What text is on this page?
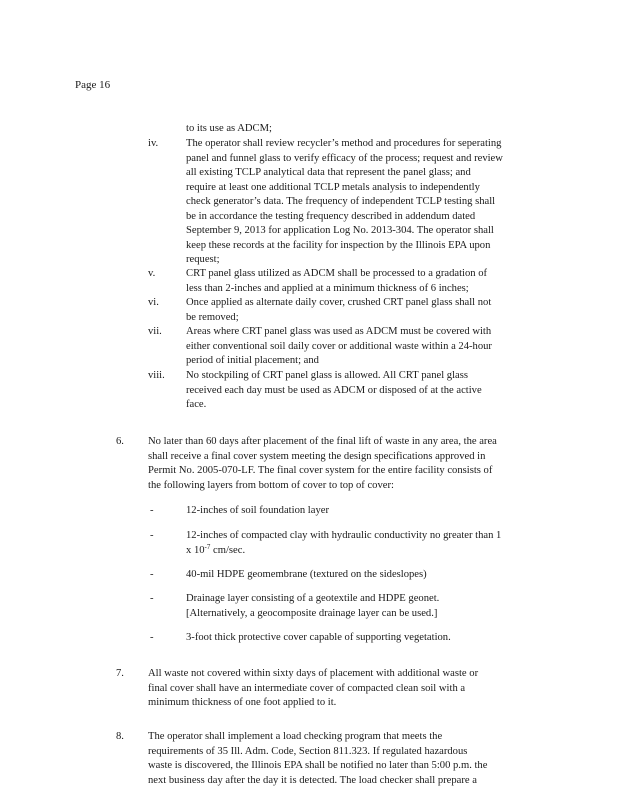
Page 16
to its use as ADCM;
iv.	The operator shall review recycler’s method and procedures for seperating
panel and funnel glass to verify efficacy of the process; request and review
all existing TCLP analytical data that represent the panel glass; and
require at least one additional TCLP metals analysis to independently
check generator’s data. The frequency of independent TCLP testing shall
be in accordance the testing frequency described in addendum dated
September 9, 2013 for application Log No. 2013-304. The operator shall
keep these records at the facility for inspection by the Illinois EPA upon
request;
v.	CRT panel glass utilized as ADCM shall be processed to a gradation of
less than 2-inches and applied at a minimum thickness of 6 inches;
vi.	Once applied as alternate daily cover, crushed CRT panel glass shall not
be removed;
vii. Areas where CRT panel glass was used as ADCM must be covered with
either conventional soil daily cover or additional waste within a 24-hour
period of initial placement; and
viii. No stockpiling of CRT panel glass is allowed. All CRT panel glass
received each day must be used as ADCM or disposed of at the active
face.
6. No later than 60 days after placement of the final lift of waste in any area, the area
shall receive a final cover system meeting the design specifications approved in
Permit No. 2005-070-LF. The final cover system for the entire facility consists of
the following layers from bottom of cover to top of cover:
-	12-inches of soil foundation layer
-	12-inches of compacted clay with hydraulic conductivity no greater than 1
x $10^{-7}$ cm/sec.
-	40-mil HDPE geomembrane (textured on the sideslopes)
-	Drainage layer consisting of a geotextile and HDPE geonet.
[Alternatively, a geocomposite drainage layer can be used.]
-	3-foot thick protective cover capable of supporting vegetation.
7. All waste not covered within sixty days of placement with additional waste or
final cover shall have an intermediate cover of compacted clean soil with a
minimum thickness of one foot applied to it.
8. The operator shall implement a load checking program that meets the
requirements of 35 Ill. Adm. Code, Section 811.323. If regulated hazardous
waste is discovered, the Illinois EPA shall be notified no later than 5:00 p.m. the
next business day after the day it is detected. The load checker shall prepare a
